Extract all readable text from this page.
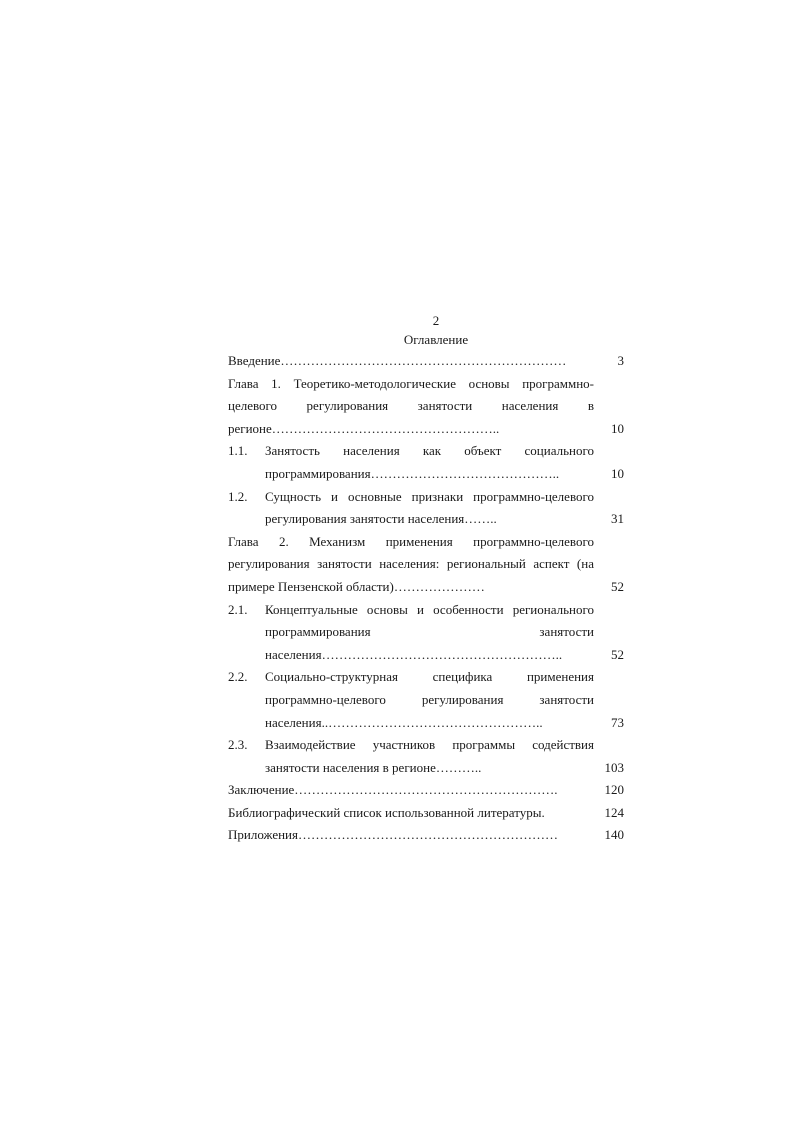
2
Оглавление
Введение…………………………………………………………	3
Глава 1. Теоретико-методологические основы программно-
целевого регулирования занятости населения в
регионе……………………………………………..	10
1.1.	Занятость населения как объект социального
программирования……………………………………..	10
1.2.	Сущность и основные признаки программно-целевого
регулирования занятости населения……..	31
Глава 2. Механизм применения программно-целевого
регулирования занятости населения: региональный аспект (на
примере Пензенской области)…………………	52
2.1.	Концептуальные основы и особенности регионального
программирования занятости
населения………………………………………………..	52
2.2.	Социально-структурная специфика применения
программно-целевого регулирования занятости
населения..…………………………………………..	73
2.3.	Взаимодействие участников программы содействия
занятости населения в регионе………..	103
Заключение…………………………………………………….	120
Библиографический список использованной литературы.	124
Приложения……………………………………………………	140
